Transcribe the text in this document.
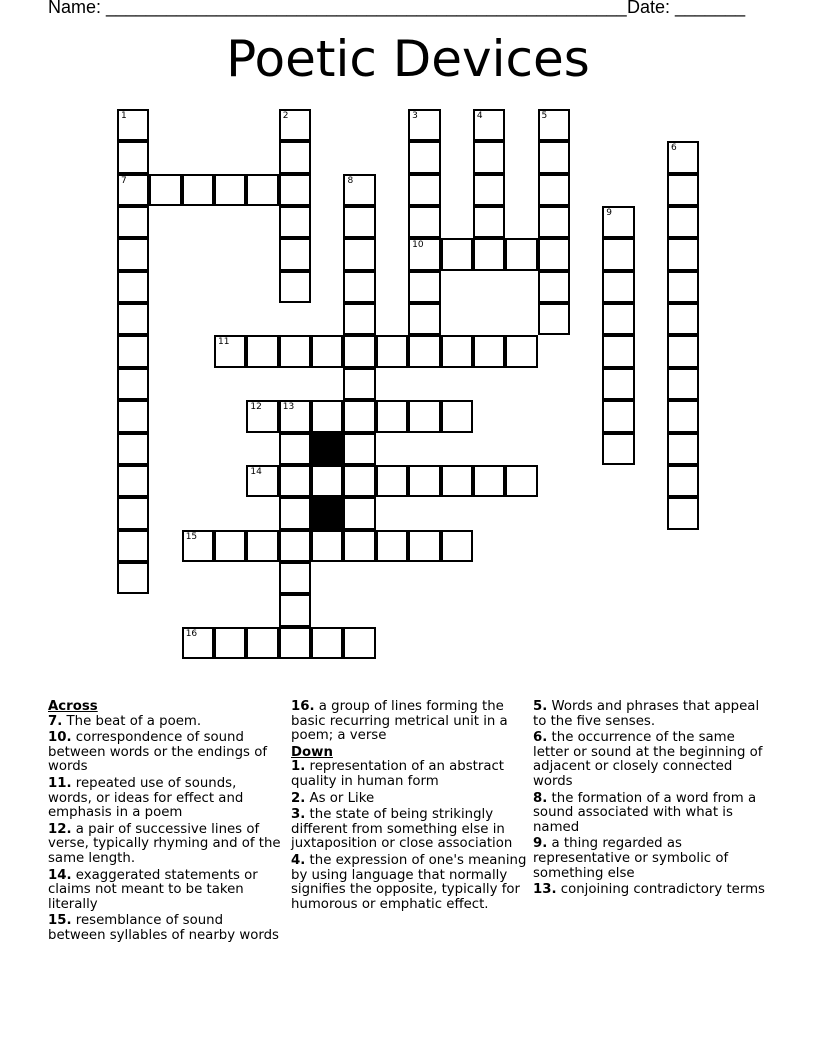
Name: ____________________________________________________ Date: _______
Poetic Devices
1
7
2	3
10
4	5
6
8
9
11
12 13
14
15
16
Across
7. The beat of a poem.
10. correspondence of sound between words or the endings of words
11. repeated use of sounds, words, or ideas for effect and emphasis in a poem
12. a pair of successive lines of verse, typically rhyming and of the same length.
14. exaggerated statements or claims not meant to be taken literally
15. resemblance of sound between syllables of nearby words
16. a group of lines forming the basic recurring metrical unit in a poem; a verse
Down
1. representation of an abstract quality in human form
2. As or Like
3. the state of being strikingly different from something else in juxtaposition or close association
4. the expression of one's meaning by using language that normally signifies the opposite, typically for humorous or emphatic effect.
5. Words and phrases that appeal to the five senses.
6. the occurrence of the same letter or sound at the beginning of adjacent or closely connected words
8. the formation of a word from a sound associated with what is named
9. a thing regarded as representative or symbolic of something else
13. conjoining contradictory terms
